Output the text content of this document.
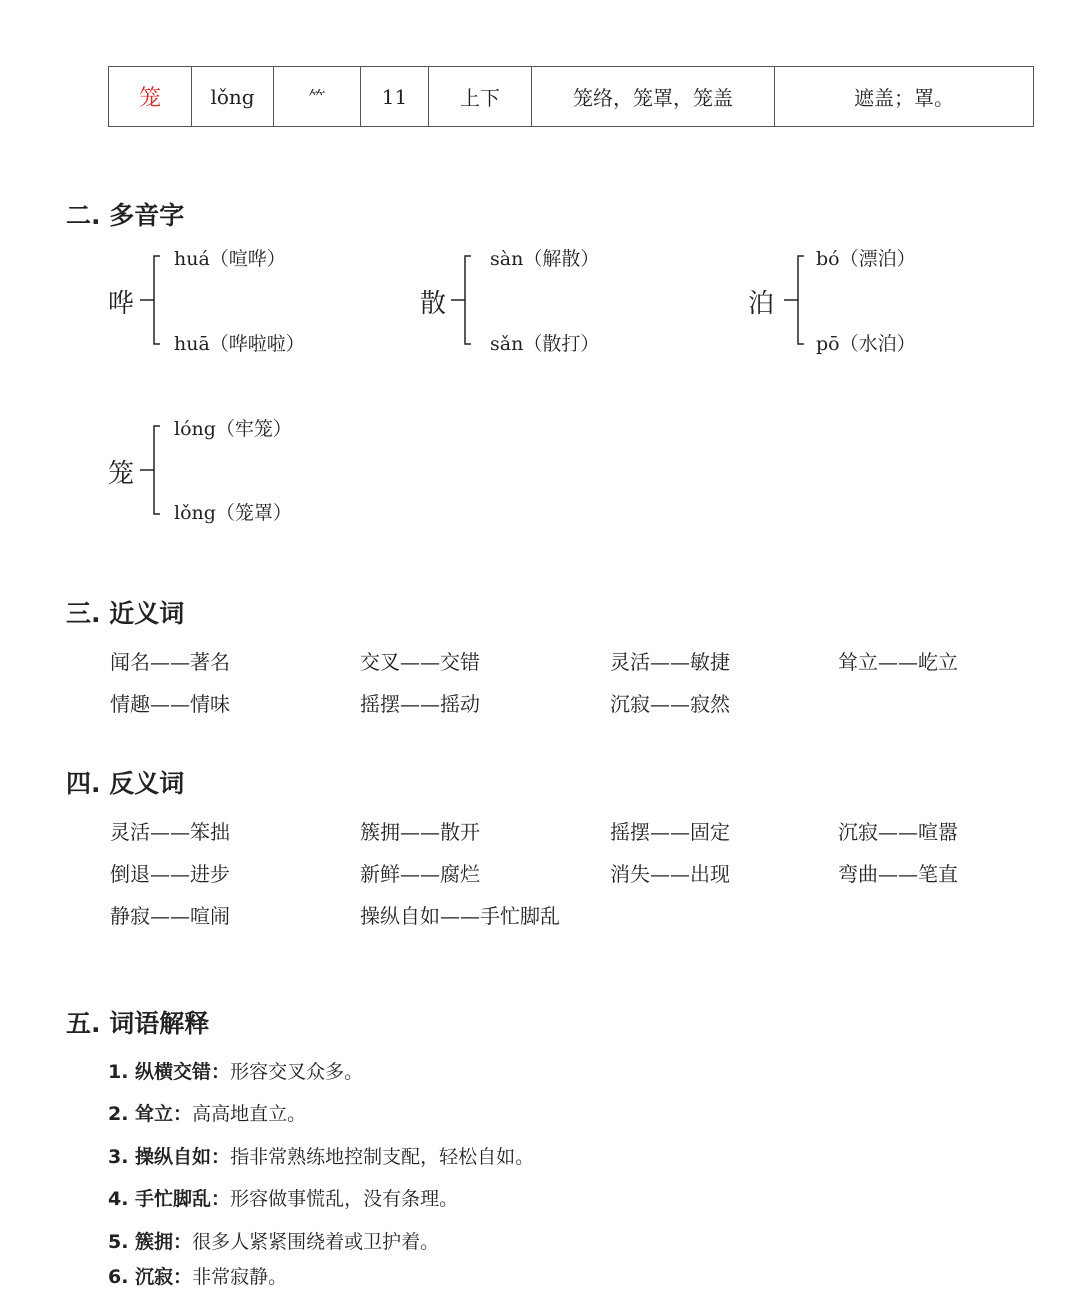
笼	lǒng	⺮	11	上下	笼络，笼罩，笼盖	遮盖；罩。
二. 多音字
哗
huá（喧哗）
huā（哗啦啦）
散
sàn（解散）
sǎn（散打）
泊
bó（漂泊）
pō（水泊）
笼
lóng（牢笼）
lǒng（笼罩）
三. 近义词
闻名——著名	交叉——交错	灵活——敏捷	耸立——屹立
情趣——情味	摇摆——摇动	沉寂——寂然
四. 反义词
灵活——笨拙	簇拥——散开	摇摆——固定	沉寂——喧嚣
倒退——进步	新鲜——腐烂	消失——出现	弯曲——笔直
静寂——喧闹	操纵自如——手忙脚乱
五. 词语解释
1. 纵横交错：形容交叉众多。
2. 耸立：高高地直立。
3. 操纵自如：指非常熟练地控制支配，轻松自如。
4. 手忙脚乱：形容做事慌乱，没有条理。
5. 簇拥：很多人紧紧围绕着或卫护着。
6. 沉寂：非常寂静。
